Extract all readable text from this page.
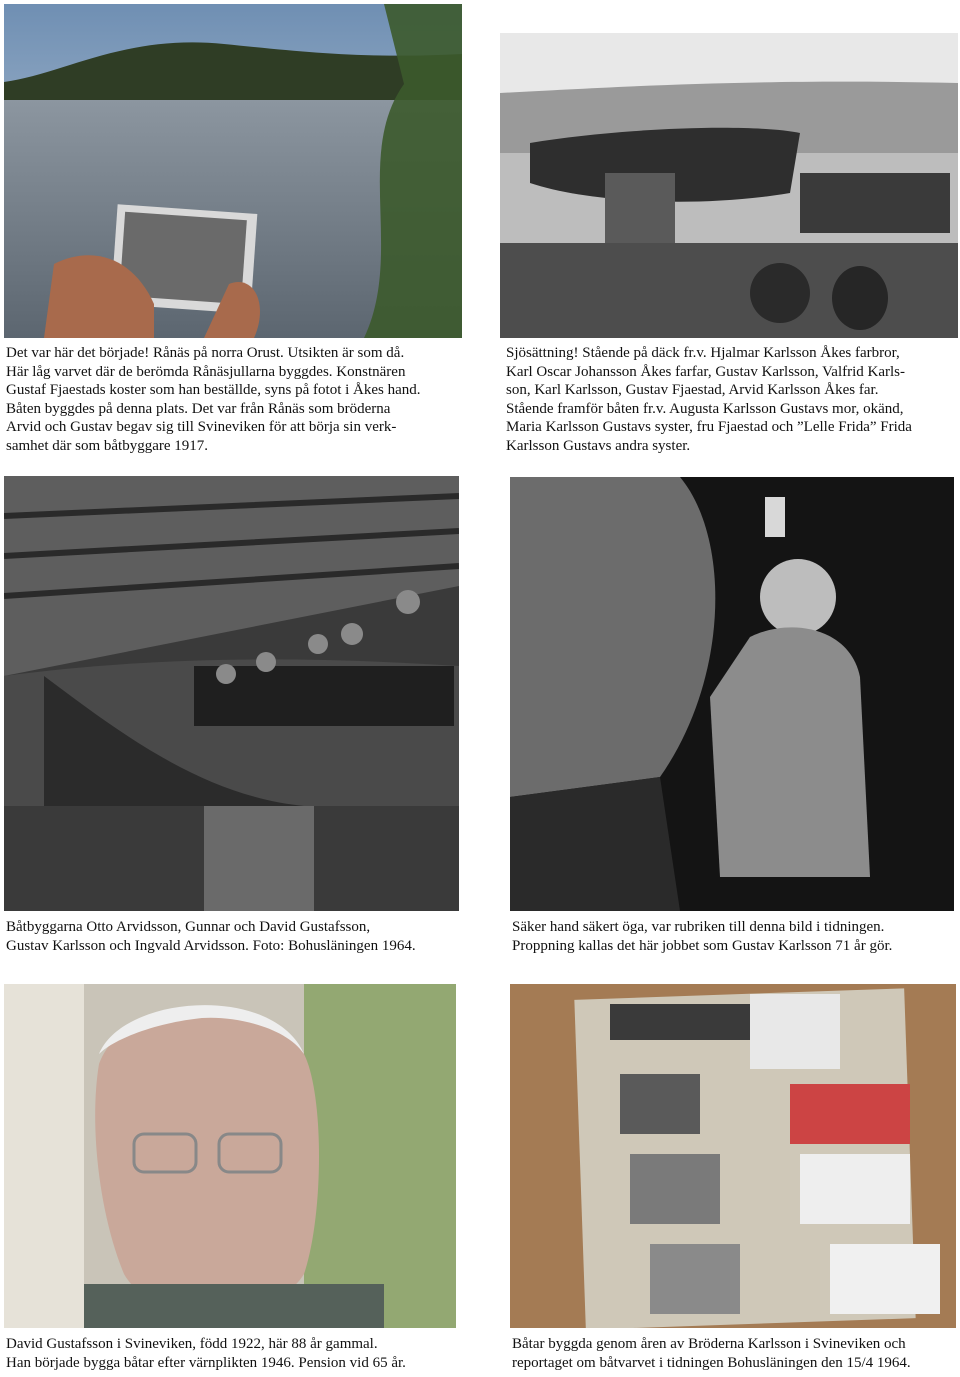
Det var här det började! Rånäs på norra Orust. Utsikten är som då.
Här låg varvet där de berömda Rånäsjullarna byggdes. Konstnären
Gustaf Fjaestads koster som han beställde, syns på fotot i Åkes hand.
Båten byggdes på denna plats. Det var från Rånäs som bröderna
Arvid och Gustav begav sig till Svineviken för att börja sin verk-
samhet där som båtbyggare 1917.
Sjösättning! Stående på däck fr.v. Hjalmar Karlsson Åkes farbror,
Karl Oscar Johansson Åkes farfar, Gustav Karlsson, Valfrid Karls-
son, Karl Karlsson, Gustav Fjaestad, Arvid Karlsson Åkes far.
Stående framför båten fr.v. Augusta Karlsson Gustavs mor, okänd,
Maria Karlsson Gustavs syster, fru Fjaestad och ”Lelle Frida” Frida
Karlsson Gustavs andra syster.
Båtbyggarna Otto Arvidsson, Gunnar och David Gustafsson,
Gustav Karlsson och Ingvald Arvidsson. Foto: Bohusläningen 1964.
Säker hand säkert öga, var rubriken till denna bild i tidningen.
Proppning kallas det här jobbet som Gustav Karlsson 71 år gör.
David Gustafsson i Svineviken, född 1922, här 88 år gammal.
Han började bygga båtar efter värnplikten 1946. Pension vid 65 år.
Båtar byggda genom åren av Bröderna Karlsson i Svineviken och
reportaget om båtvarvet i tidningen Bohusläningen den 15/4 1964.
